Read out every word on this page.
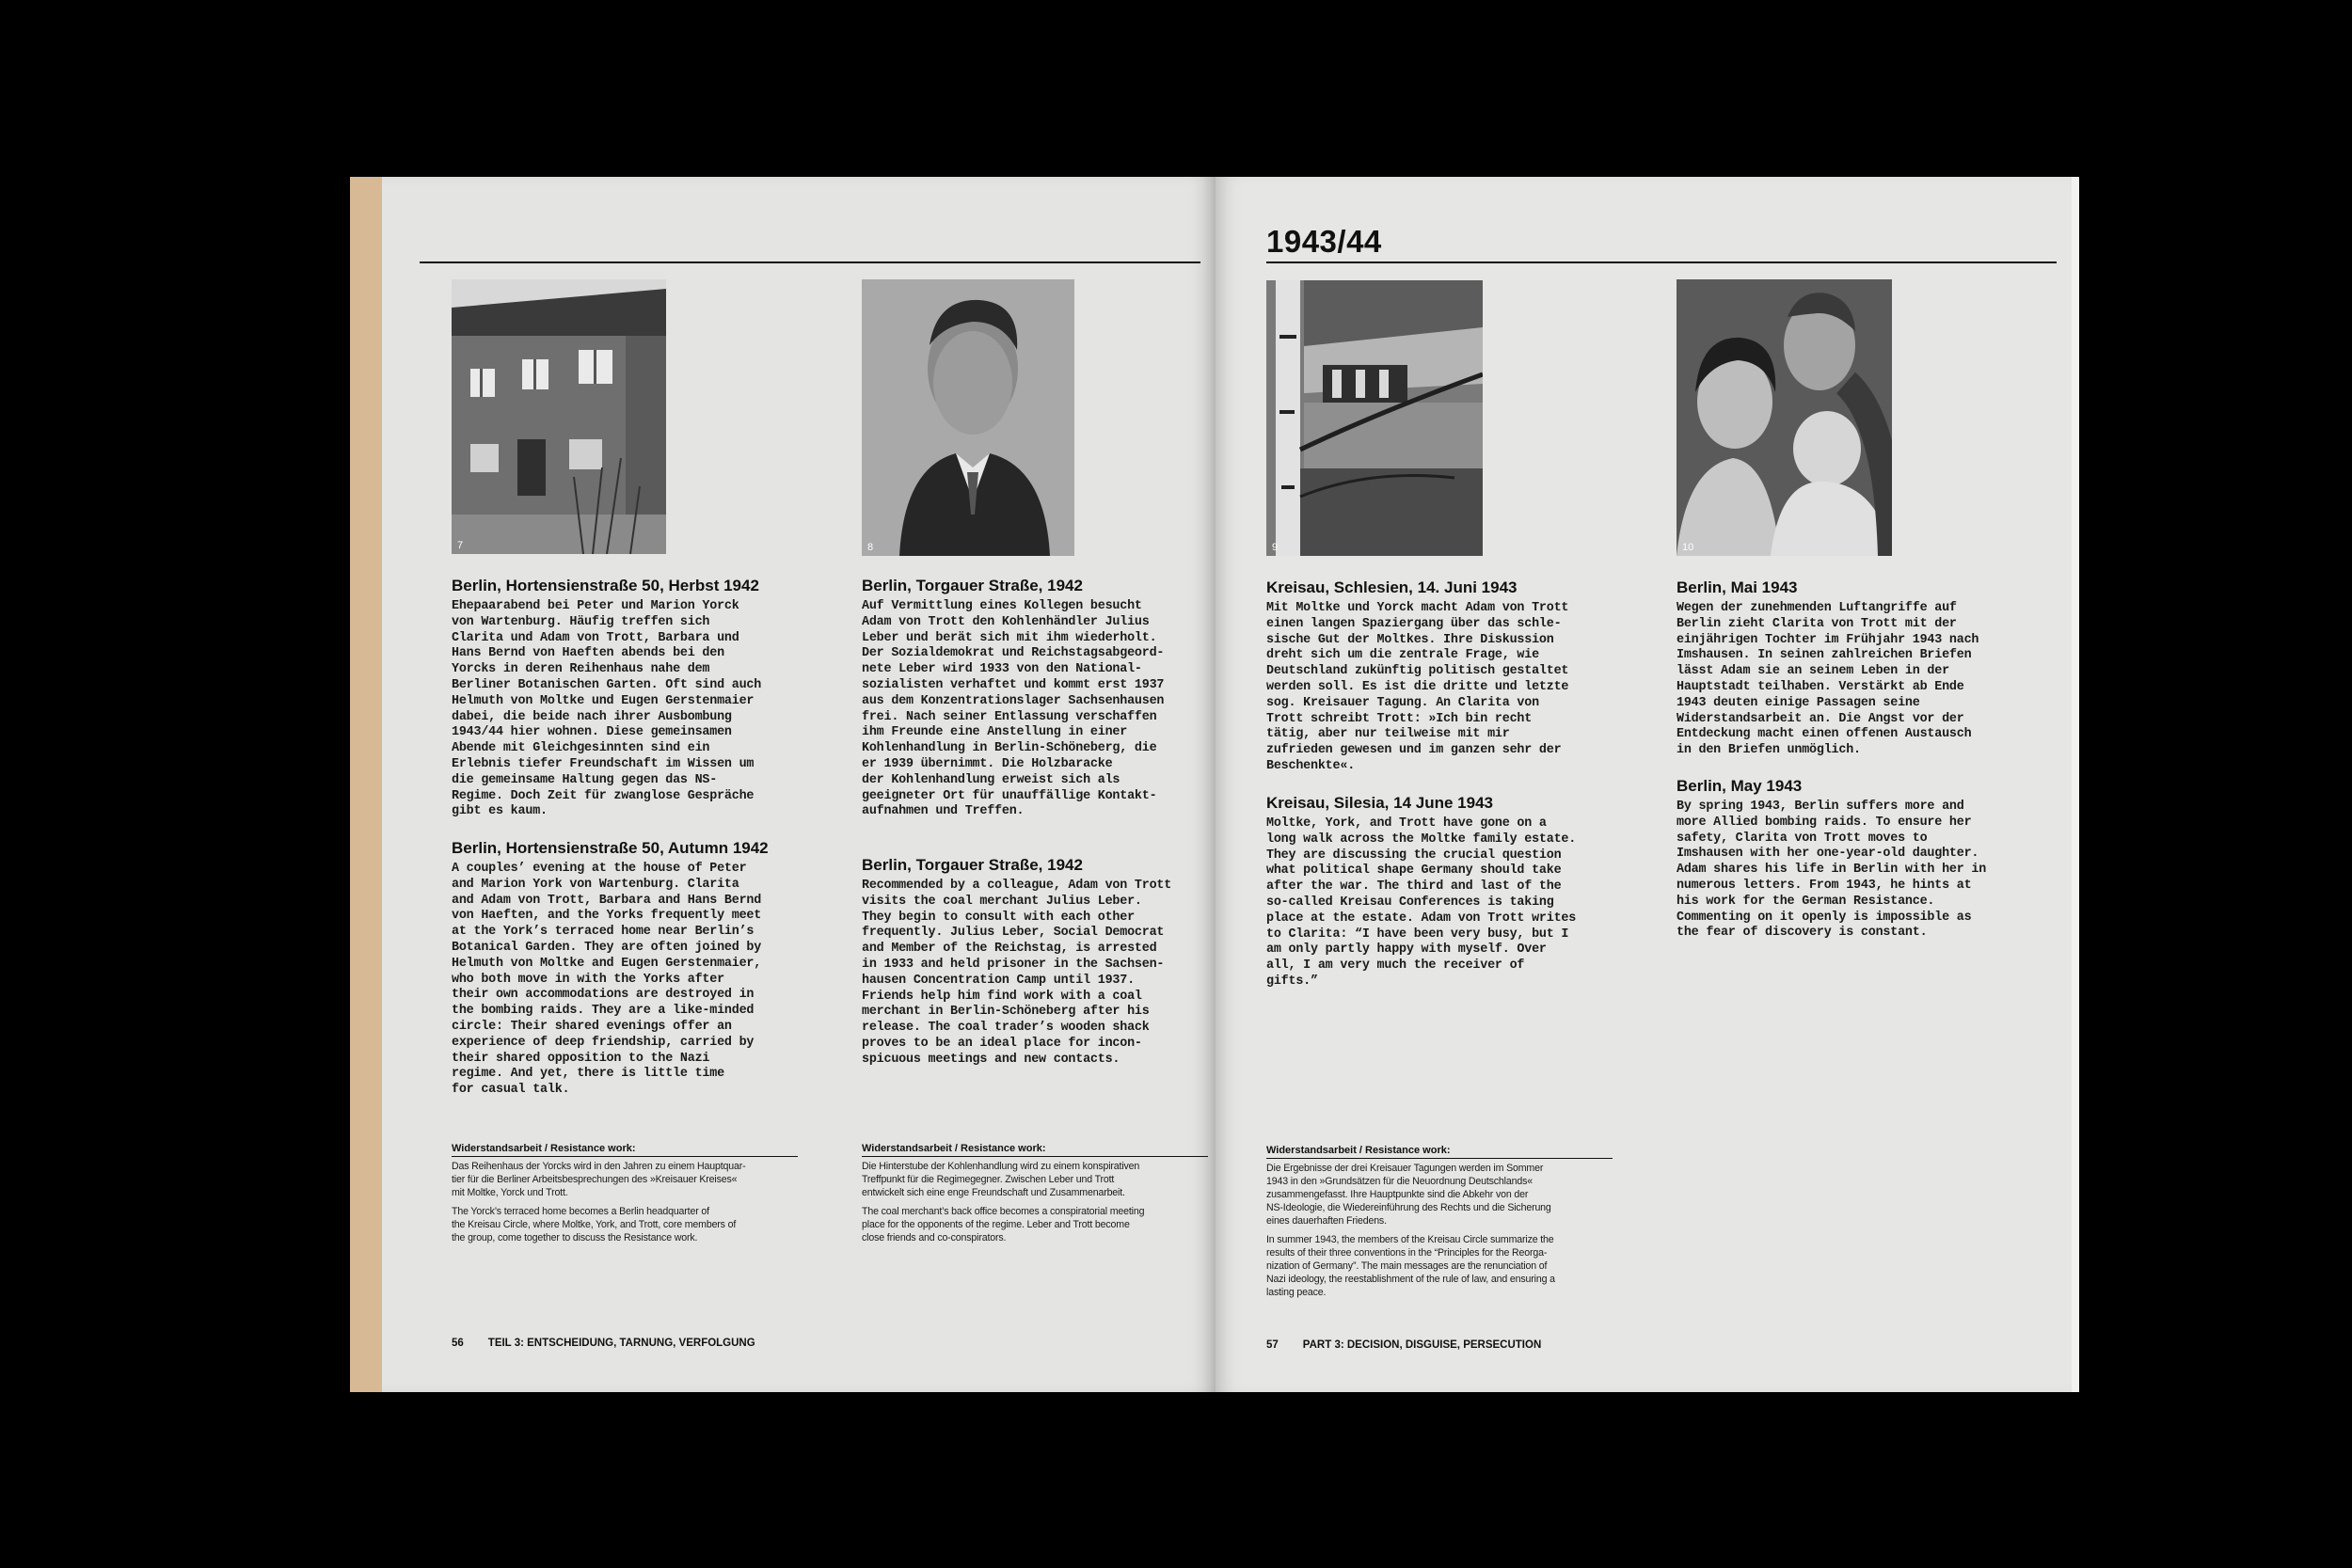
7
Berlin, Hortensienstraße 50, Herbst 1942

Ehepaarabend bei Peter und Marion Yorck
von Wartenburg. Häufig treffen sich
Clarita und Adam von Trott, Barbara und
Hans Bernd von Haeften abends bei den
Yorcks in deren Reihenhaus nahe dem
Berliner Botanischen Garten. Oft sind auch
Helmuth von Moltke und Eugen Gerstenmaier
dabei, die beide nach ihrer Ausbombung
1943/44 hier wohnen. Diese gemeinsamen
Abende mit Gleichgesinnten sind ein
Erlebnis tiefer Freundschaft im Wissen um
die gemeinsame Haltung gegen das NS-
Regime. Doch Zeit für zwanglose Gespräche
gibt es kaum.

Berlin, Hortensienstraße 50, Autumn 1942

A couples’ evening at the house of Peter
and Marion York von Wartenburg. Clarita
and Adam von Trott, Barbara and Hans Bernd
von Haeften, and the Yorks frequently meet
at the York’s terraced home near Berlin’s
Botanical Garden. They are often joined by
Helmuth von Moltke and Eugen Gerstenmaier,
who both move in with the Yorks after
their own accommodations are destroyed in
the bombing raids. They are a like-minded
circle: Their shared evenings offer an
experience of deep friendship, carried by
their shared opposition to the Nazi
regime. And yet, there is little time
for casual talk.

Widerstandsarbeit / Resistance work:

Das Reihenhaus der Yorcks wird in den Jahren zu einem Hauptquar-
tier für die Berliner Arbeitsbesprechungen des »Kreisauer Kreises«
mit Moltke, Yorck und Trott.

The Yorck’s terraced home becomes a Berlin headquarter of
the Kreisau Circle, where Moltke, York, and Trott, core members of
the group, come together to discuss the Resistance work.

8
Berlin, Torgauer Straße, 1942

Auf Vermittlung eines Kollegen besucht
Adam von Trott den Kohlenhändler Julius
Leber und berät sich mit ihm wiederholt.
Der Sozialdemokrat und Reichstagsabgeord-
nete Leber wird 1933 von den National-
sozialisten verhaftet und kommt erst 1937
aus dem Konzentrationslager Sachsenhausen
frei. Nach seiner Entlassung verschaffen
ihm Freunde eine Anstellung in einer
Kohlenhandlung in Berlin-Schöneberg, die
er 1939 übernimmt. Die Holzbaracke
der Kohlenhandlung erweist sich als
geeigneter Ort für unauffällige Kontakt-
aufnahmen und Treffen.

Berlin, Torgauer Straße, 1942

Recommended by a colleague, Adam von Trott
visits the coal merchant Julius Leber.
They begin to consult with each other
frequently. Julius Leber, Social Democrat
and Member of the Reichstag, is arrested
in 1933 and held prisoner in the Sachsen-
hausen Concentration Camp until 1937.
Friends help him find work with a coal
merchant in Berlin-Schöneberg after his
release. The coal trader’s wooden shack
proves to be an ideal place for incon-
spicuous meetings and new contacts.

Widerstandsarbeit / Resistance work:

Die Hinterstube der Kohlenhandlung wird zu einem konspirativen
Treffpunkt für die Regimegegner. Zwischen Leber und Trott
entwickelt sich eine enge Freundschaft und Zusammenarbeit.

The coal merchant’s back office becomes a conspiratorial meeting
place for the opponents of the regime. Leber and Trott become
close friends and co-conspirators.

56 TEIL 3: ENTSCHEIDUNG, TARNUNG, VERFOLGUNG
1943/44
9
Kreisau, Schlesien, 14. Juni 1943

Mit Moltke und Yorck macht Adam von Trott
einen langen Spaziergang über das schle-
sische Gut der Moltkes. Ihre Diskussion
dreht sich um die zentrale Frage, wie
Deutschland zukünftig politisch gestaltet
werden soll. Es ist die dritte und letzte
sog. Kreisauer Tagung. An Clarita von
Trott schreibt Trott: »Ich bin recht
tätig, aber nur teilweise mit mir
zufrieden gewesen und im ganzen sehr der
Beschenkte«.

Kreisau, Silesia, 14 June 1943

Moltke, York, and Trott have gone on a
long walk across the Moltke family estate.
They are discussing the crucial question
what political shape Germany should take
after the war. The third and last of the
so-called Kreisau Conferences is taking
place at the estate. Adam von Trott writes
to Clarita: “I have been very busy, but I
am only partly happy with myself. Over
all, I am very much the receiver of
gifts.”

Widerstandsarbeit / Resistance work:

Die Ergebnisse der drei Kreisauer Tagungen werden im Sommer
1943 in den »Grundsätzen für die Neuordnung Deutschlands«
zusammengefasst. Ihre Hauptpunkte sind die Abkehr von der
NS-Ideologie, die Wiedereinführung des Rechts und die Sicherung
eines dauerhaften Friedens.

In summer 1943, the members of the Kreisau Circle summarize the
results of their three conventions in the “Principles for the Reorga-
nization of Germany”. The main messages are the renunciation of
Nazi ideology, the reestablishment of the rule of law, and ensuring a
lasting peace.

10
Berlin, Mai 1943

Wegen der zunehmenden Luftangriffe auf
Berlin zieht Clarita von Trott mit der
einjährigen Tochter im Frühjahr 1943 nach
Imshausen. In seinen zahlreichen Briefen
lässt Adam sie an seinem Leben in der
Hauptstadt teilhaben. Verstärkt ab Ende
1943 deuten einige Passagen seine
Widerstandsarbeit an. Die Angst vor der
Entdeckung macht einen offenen Austausch
in den Briefen unmöglich.

Berlin, May 1943

By spring 1943, Berlin suffers more and
more Allied bombing raids. To ensure her
safety, Clarita von Trott moves to
Imshausen with her one-year-old daughter.
Adam shares his life in Berlin with her in
numerous letters. From 1943, he hints at
his work for the German Resistance.
Commenting on it openly is impossible as
the fear of discovery is constant.

57 PART 3: DECISION, DISGUISE, PERSECUTION
